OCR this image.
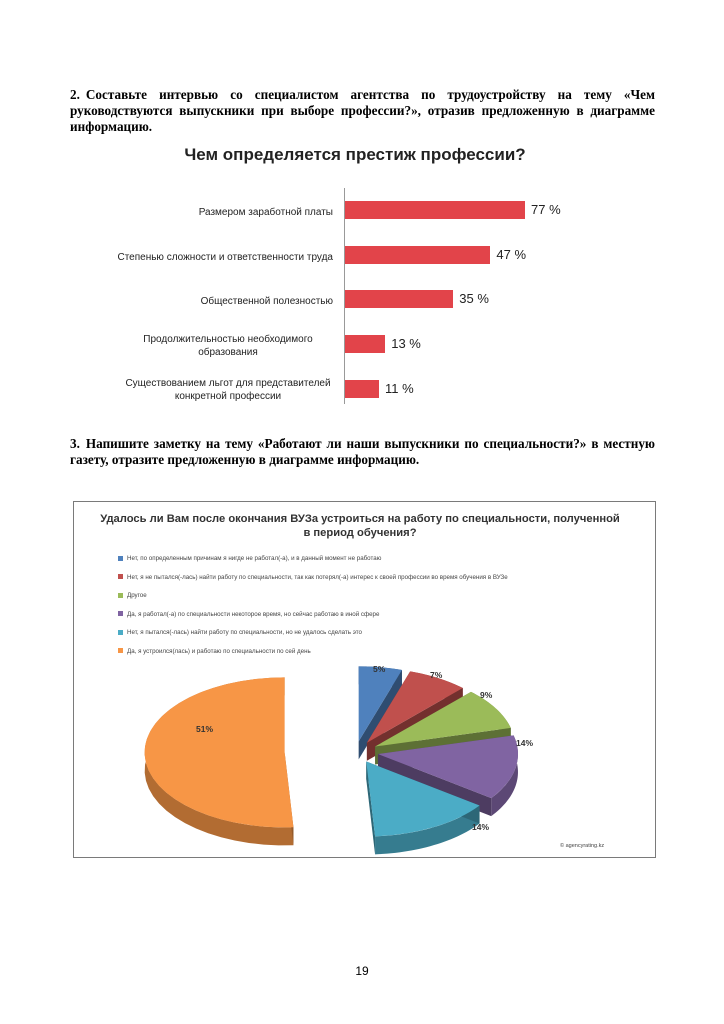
2. Составьте интервью со специалистом агентства по трудоустройству на тему «Чем руководствуются выпускники при выборе профессии?», отразив предложенную в диаграмме информацию.
Чем определяется престиж профессии?
77 %
Размером заработной платы
47 %
Степенью сложности и ответственности труда
35 %
Общественной полезностью
13 %
Продолжительностью необходимого образования
11 %
Существованием льгот для представителей конкретной профессии
3. Напишите заметку на тему «Работают ли наши выпускники по специальности?» в местную газету, отразите предложенную в диаграмме информацию.
Удалось ли Вам после окончания ВУЗа устроиться на работу по специальности, полученной в период обучения?
Нет, по определенным причинам я нигде не работал(-а), и в данный момент не работаю
Нет, я не пытался(-лась) найти работу по специальности, так как потерял(-а) интерес к своей профессии во время обучения в ВУЗе
Другое
Да, я работал(-а) по специальности некоторое время, но сейчас работаю в иной сфере
Нет, я пытался(-лась) найти работу по специальности, но не удалось сделать это
Да, я устроился(лась) и работаю по специальности по сей день
5%
7%
9%
14%
14%
51%
© agencyrating.kz
19
